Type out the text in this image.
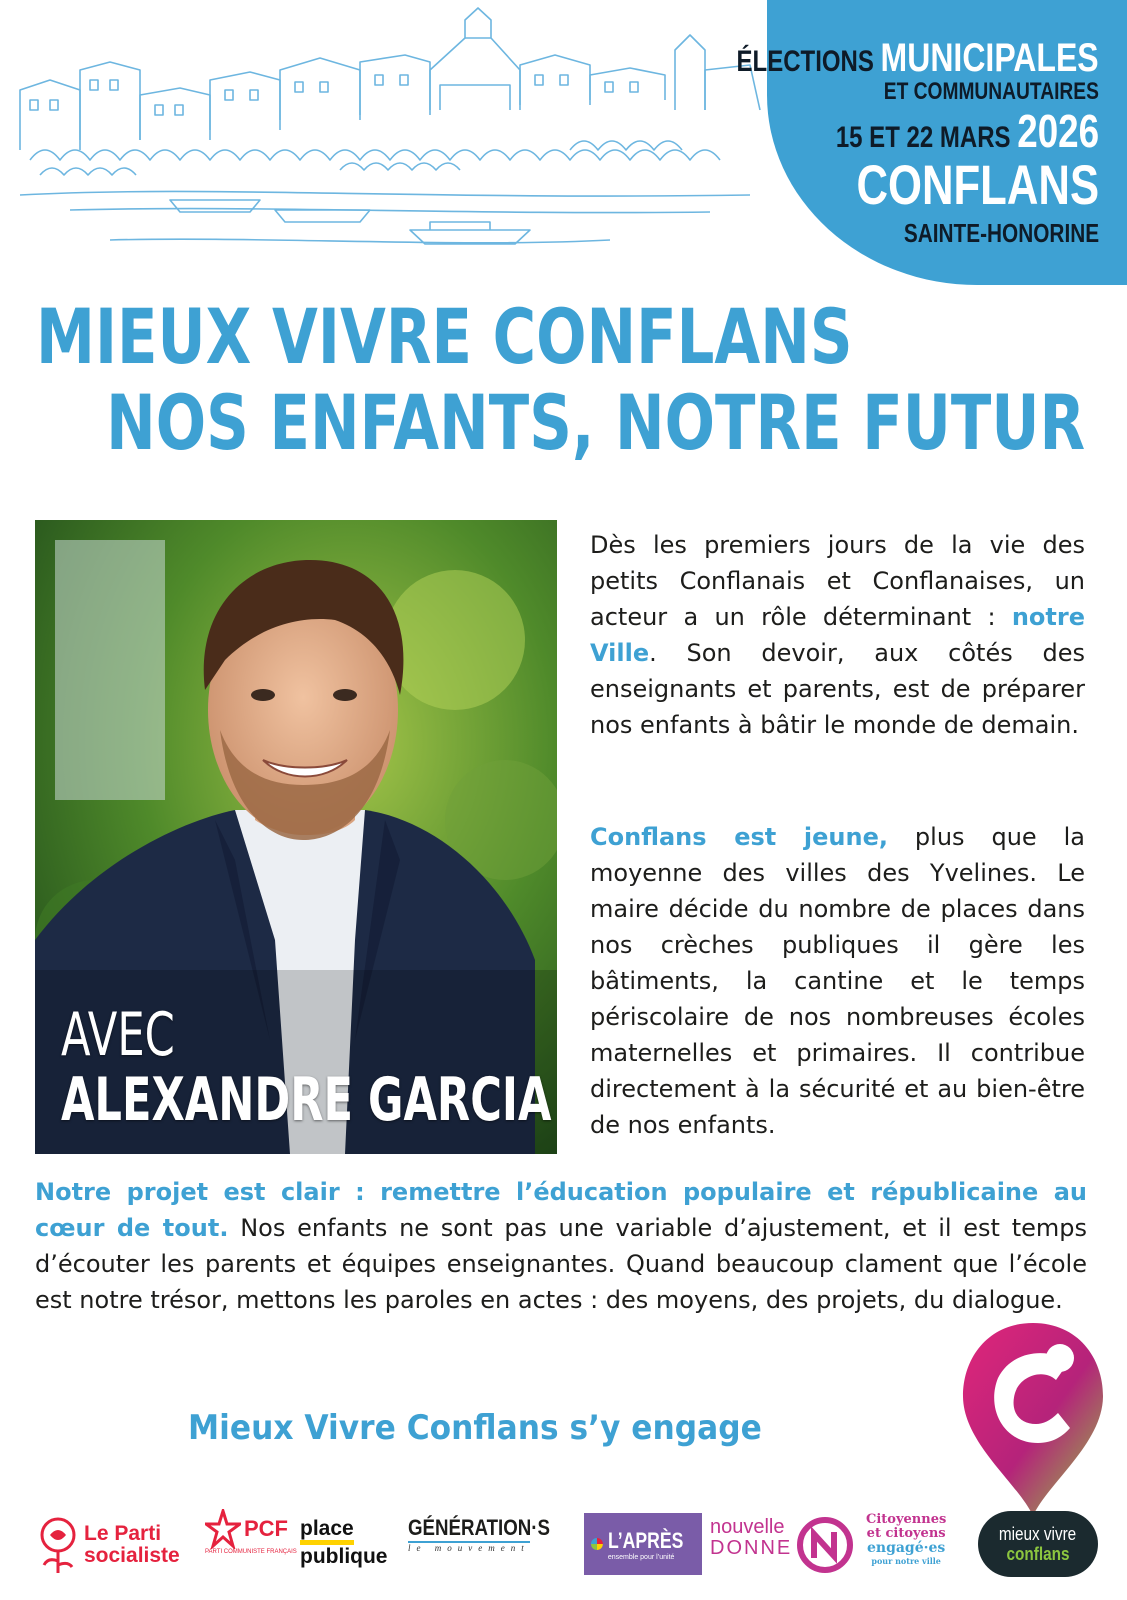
ÉLECTIONS MUNICIPALES
ET COMMUNAUTAIRES
15 ET 22 MARS 2026
CONFLANS
SAINTE-HONORINE
MIEUX VIVRE CONFLANS
NOS ENFANTS, NOTRE FUTUR
AVEC
ALEXANDRE GARCIA
Dès les premiers jours de la vie des petits Conflanais et Conflanaises, un acteur a un rôle déterminant : notre Ville. Son devoir, aux côtés des enseignants et parents, est de préparer nos enfants à bâtir le monde de demain.
Conflans est jeune, plus que la moyenne des villes des Yvelines. Le maire décide du nombre de places dans nos crèches publiques il gère les bâtiments, la cantine et le temps périscolaire de nos nombreuses écoles maternelles et primaires. Il contribue directement à la sécurité et au bien-être de nos enfants.
Notre projet est clair : remettre l’éducation populaire et républicaine au cœur de tout. Nos enfants ne sont pas une variable d’ajustement, et il est temps d’écouter les parents et équipes enseignantes. Quand beaucoup clament que l’école est notre trésor, mettons les paroles en actes : des moyens, des projets, du dialogue.
Mieux Vivre Conflans s’y engage
Le Parti
socialiste
PCF
PARTI COMMUNISTE FRANÇAIS
place
publique
GÉNÉRATION·S
le mouvement	L’APRÈS
ensemble pour l’unité
nouvelle
DONNE
Citoyennes
et citoyens
engagé·es
pour notre ville
mieux vivre
conflans
